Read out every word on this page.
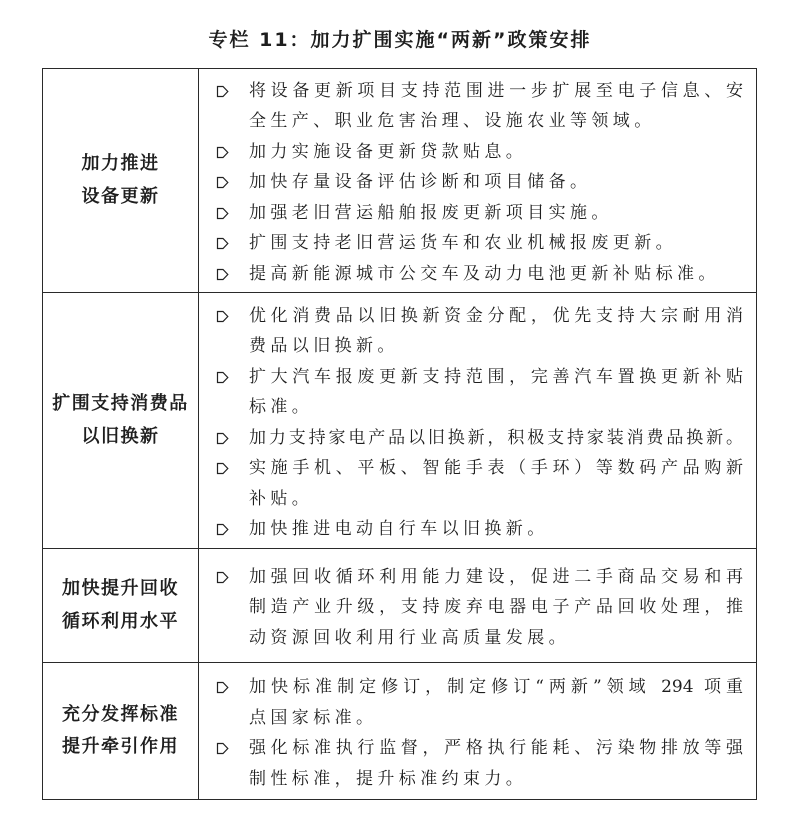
专栏 11：加力扩围实施“两新”政策安排
加力推进
设备更新
将设备更新项目支持范围进一步扩展至电子信息、安
全生产、职业危害治理、设施农业等领域。
加力实施设备更新贷款贴息。
加快存量设备评估诊断和项目储备。
加强老旧营运船舶报废更新项目实施。
扩围支持老旧营运货车和农业机械报废更新。
提高新能源城市公交车及动力电池更新补贴标准。
扩围支持消费品
以旧换新
优化消费品以旧换新资金分配，优先支持大宗耐用消
费品以旧换新。
扩大汽车报废更新支持范围，完善汽车置换更新补贴
标准。
加力支持家电产品以旧换新，积极支持家装消费品换新。
实施手机、平板、智能手表（手环）等数码产品购新
补贴。
加快推进电动自行车以旧换新。
加快提升回收
循环利用水平
加强回收循环利用能力建设，促进二手商品交易和再
制造产业升级，支持废弃电器电子产品回收处理，推
动资源回收利用行业高质量发展。
充分发挥标准
提升牵引作用
加快标准制定修订，制定修订“两新”领域 294 项重
点国家标准。
强化标准执行监督，严格执行能耗、污染物排放等强
制性标准，提升标准约束力。
